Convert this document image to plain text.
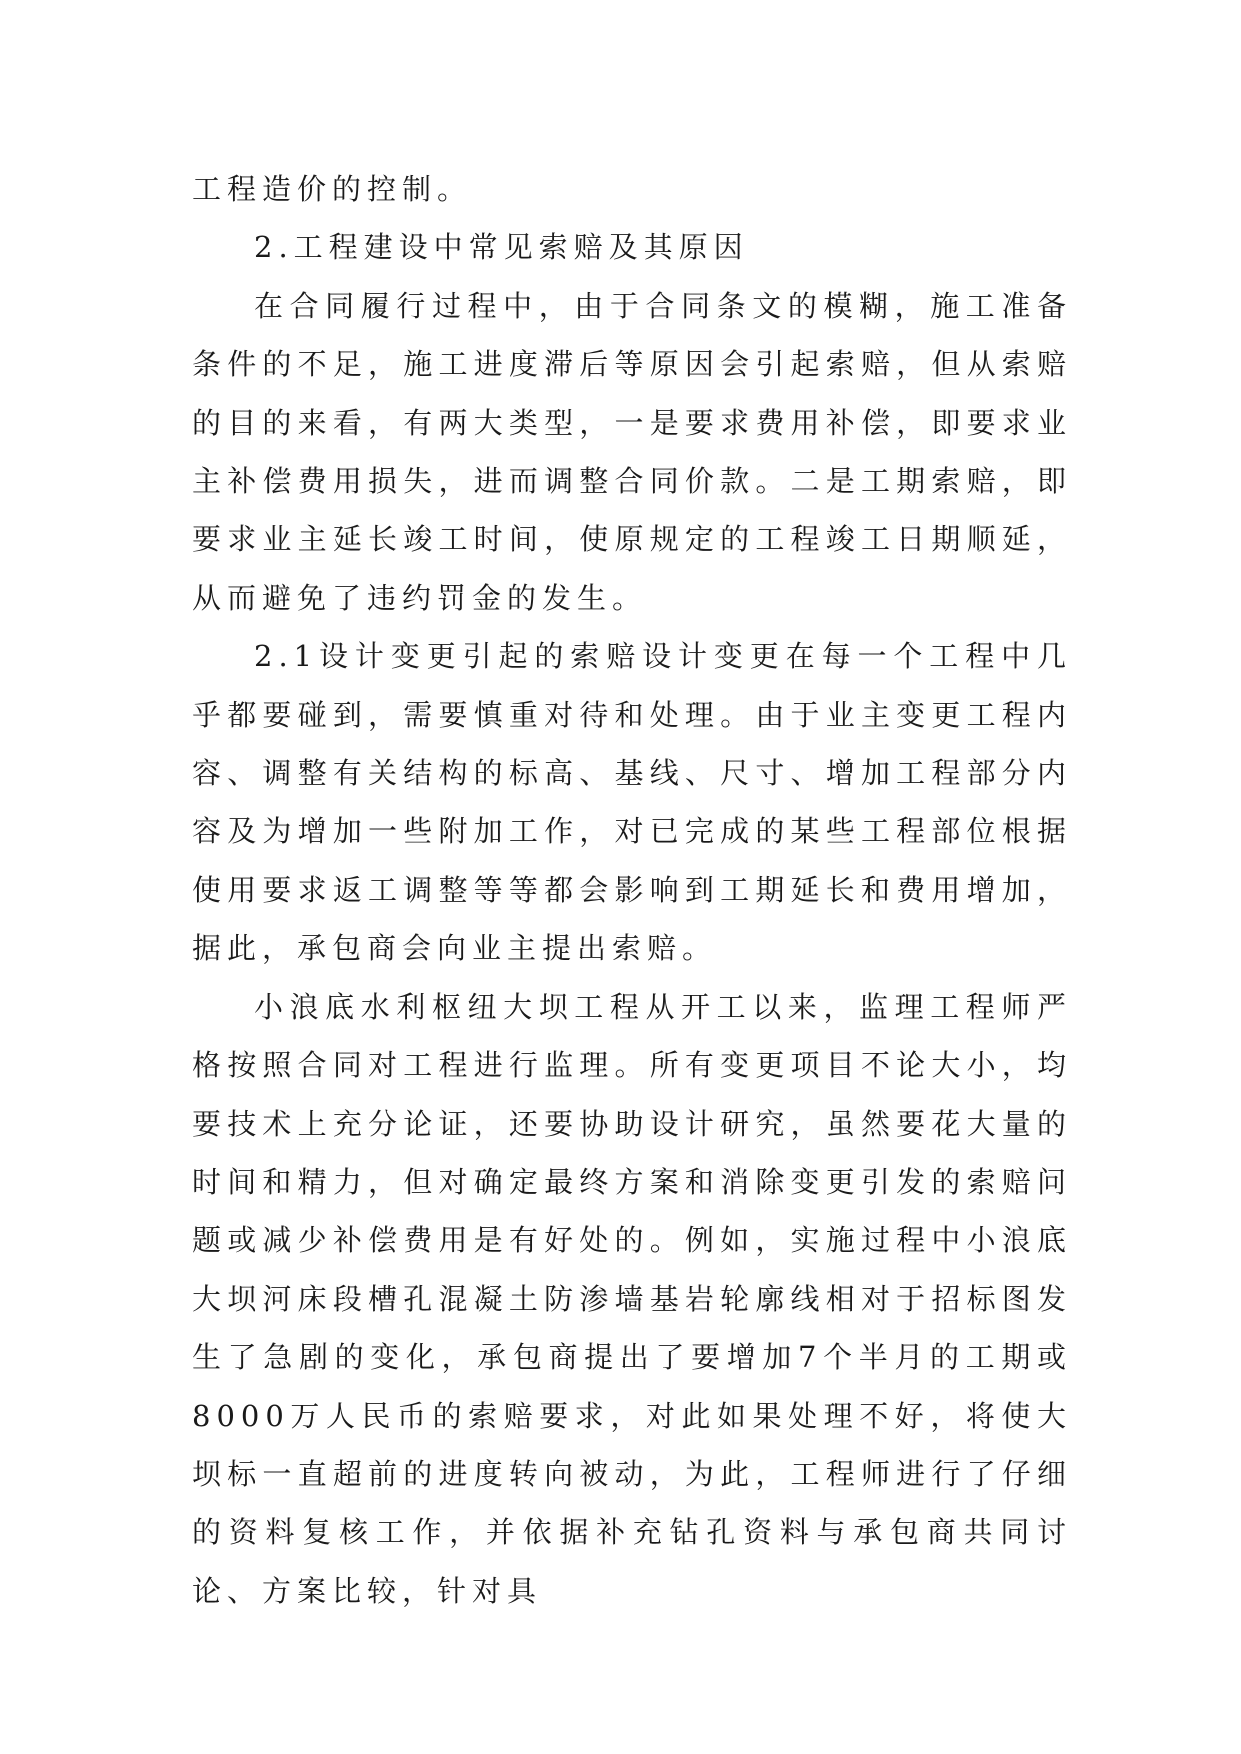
工程造价的控制。

2.工程建设中常见索赔及其原因

在合同履行过程中，由于合同条文的模糊，施工准备条件的不足，施工进度滞后等原因会引起索赔，但从索赔的目的来看，有两大类型，一是要求费用补偿，即要求业主补偿费用损失，进而调整合同价款。二是工期索赔，即要求业主延长竣工时间，使原规定的工程竣工日期顺延，从而避免了违约罚金的发生。

2.1设计变更引起的索赔设计变更在每一个工程中几乎都要碰到，需要慎重对待和处理。由于业主变更工程内容、调整有关结构的标高、基线、尺寸、增加工程部分内容及为增加一些附加工作，对已完成的某些工程部位根据使用要求返工调整等等都会影响到工期延长和费用增加，据此，承包商会向业主提出索赔。

小浪底水利枢纽大坝工程从开工以来，监理工程师严格按照合同对工程进行监理。所有变更项目不论大小，均要技术上充分论证，还要协助设计研究，虽然要花大量的时间和精力，但对确定最终方案和消除变更引发的索赔问题或减少补偿费用是有好处的。例如，实施过程中小浪底大坝河床段槽孔混凝土防渗墙基岩轮廓线相对于招标图发生了急剧的变化，承包商提出了要增加7个半月的工期或8000万人民币的索赔要求，对此如果处理不好，将使大坝标一直超前的进度转向被动，为此，工程师进行了仔细的资料复核工作，并依据补充钻孔资料与承包商共同讨论、方案比较，针对具
